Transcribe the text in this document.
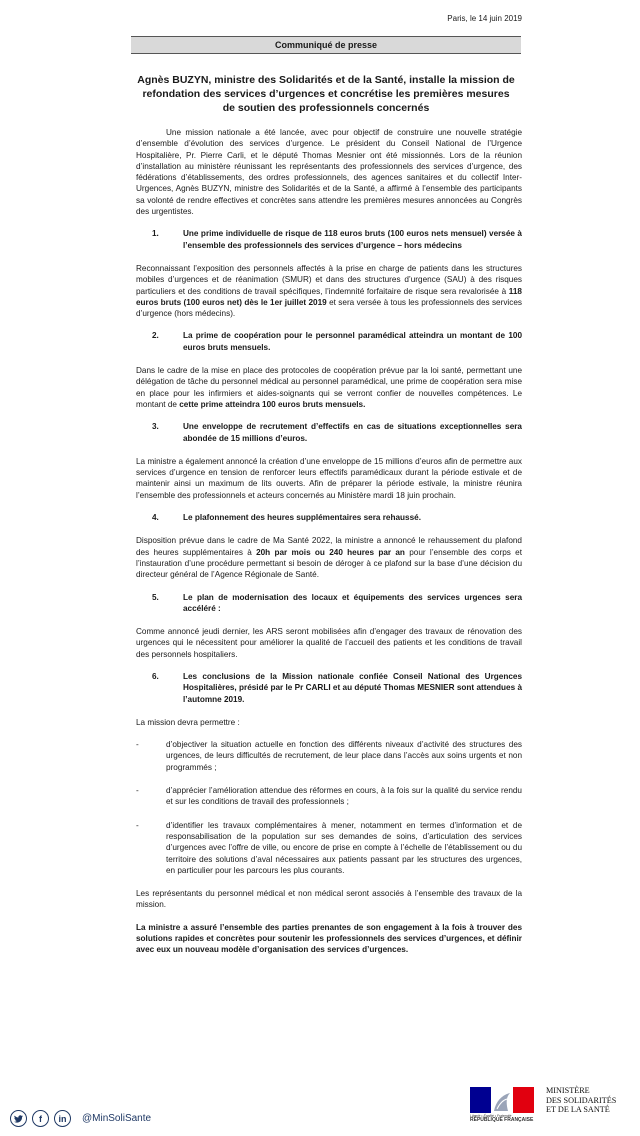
Paris, le 14 juin 2019
Communiqué de presse
Agnès BUZYN, ministre des Solidarités et de la Santé, installe la mission de refondation des services d’urgences et concrétise les premières mesures de soutien des professionnels concernés

Une mission nationale a été lancée, avec pour objectif de construire une nouvelle stratégie d’ensemble d’évolution des services d’urgence. Le président du Conseil National de l’Urgence Hospitalière, Pr. Pierre Carli, et le député Thomas Mesnier ont été missionnés. Lors de la réunion d’installation au ministère réunissant les représentants des professionnels des services d’urgence, des fédérations d’établissements, des ordres professionnels, des agences sanitaires et du collectif Inter-Urgences, Agnès BUZYN, ministre des Solidarités et de la Santé, a affirmé à l’ensemble des participants sa volonté de rendre effectives et concrètes sans attendre les premières mesures annoncées au Congrès des urgentistes.

1.	Une prime individuelle de risque de 118 euros bruts (100 euros nets mensuel) versée à l’ensemble des professionnels des services d’urgence – hors médecins

Reconnaissant l’exposition des personnels affectés à la prise en charge de patients dans les structures mobiles d’urgences et de réanimation (SMUR) et dans des structures d’urgence (SAU) à des risques particuliers et des conditions de travail spécifiques, l’indemnité forfaitaire de risque sera revalorisée à 118 euros bruts (100 euros net) dès le 1er juillet 2019 et sera versée à tous les professionnels des services d’urgence (hors médecins).

2.	La prime de coopération pour le personnel paramédical atteindra un montant de 100 euros bruts mensuels.

Dans le cadre de la mise en place des protocoles de coopération prévue par la loi santé, permettant une délégation de tâche du personnel médical au personnel paramédical, une prime de coopération sera mise en place pour les infirmiers et aides-soignants qui se verront confier de nouvelles compétences. Le montant de cette prime atteindra 100 euros bruts mensuels.

3.	Une enveloppe de recrutement d’effectifs en cas de situations exceptionnelles sera abondée de 15 millions d’euros.

La ministre a également annoncé la création d’une enveloppe de 15 millions d’euros afin de permettre aux services d’urgence en tension de renforcer leurs effectifs paramédicaux durant la période estivale et de maintenir ainsi un maximum de lits ouverts. Afin de préparer la période estivale, la ministre réunira l’ensemble des professionnels et acteurs concernés au Ministère mardi 18 juin prochain.

4.	Le plafonnement des heures supplémentaires sera rehaussé.

Disposition prévue dans le cadre de Ma Santé 2022, la ministre a annoncé le rehaussement du plafond des heures supplémentaires à 20h par mois ou 240 heures par an pour l’ensemble des corps et l’instauration d’une procédure permettant si besoin de déroger à ce plafond sur la base d’une décision du directeur général de l’Agence Régionale de Santé.

5.	Le plan de modernisation des locaux et équipements des services urgences sera accéléré :

Comme annoncé jeudi dernier, les ARS seront mobilisées afin d’engager des travaux de rénovation des urgences qui le nécessitent pour améliorer la qualité de l’accueil des patients et les conditions de travail des personnels hospitaliers.

6.	Les conclusions de la Mission nationale confiée Conseil National des Urgences Hospitalières, présidé par le Pr CARLI et au député Thomas MESNIER sont attendues à l’automne 2019.

La mission devra permettre :

-	d’objectiver la situation actuelle en fonction des différents niveaux d’activité des structures des urgences, de leurs difficultés de recrutement, de leur place dans l’accès aux soins urgents et non programmés ;
-	d’apprécier l’amélioration attendue des réformes en cours, à la fois sur la qualité du service rendu et sur les conditions de travail des professionnels ;
-	d’identifier les travaux complémentaires à mener, notamment en termes d’information et de responsabilisation de la population sur ses demandes de soins, d’articulation des services d’urgences avec l’offre de ville, ou encore de prise en compte à l’échelle de l’établissement ou du territoire des solutions d’aval nécessaires aux patients passant par les structures des urgences, en particulier pour les parcours les plus courants.

Les représentants du personnel médical et non médical seront associés à l’ensemble des travaux de la mission.

La ministre a assuré l’ensemble des parties prenantes de son engagement à la fois à trouver des solutions rapides et concrètes pour soutenir les professionnels des services d’urgences, et définir avec eux un nouveau modèle d’organisation des services d’urgences.

f	in	@MinSoliSante	Liberté • Égalité • Fraternité
RÉPUBLIQUE FRANÇAISE
MINISTÈRE
DES SOLIDARITÉS
ET DE LA SANTÉ
